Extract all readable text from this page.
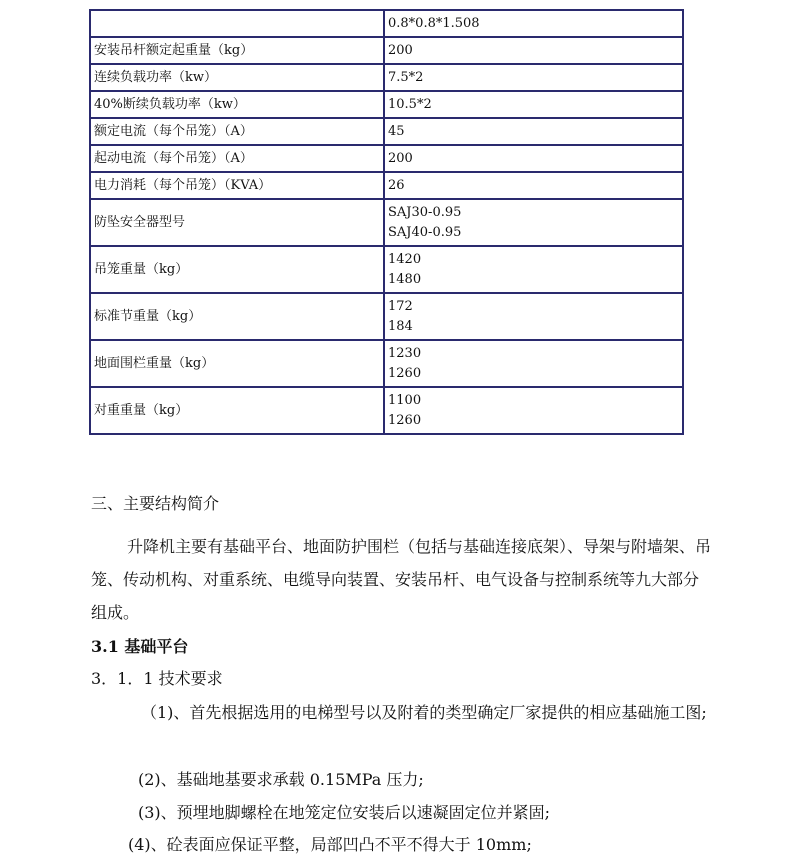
	0.8*0.8*1.508

安装吊杆额定起重量（kg）	200

连续负载功率（kw）	7.5*2

40%断续负载功率（kw）	10.5*2

额定电流（每个吊笼）（A）	45

起动电流（每个吊笼）（A）	200

电力消耗（每个吊笼）（KVA）	26

防坠安全器型号	SAJ30-0.95
SAJ40-0.95

吊笼重量（kg）	1420
1480

标准节重量（kg）	172
184

地面围栏重量（kg）	1230
1260

对重重量（kg）	1100
1260
三、主要结构简介

升降机主要有基础平台、地面防护围栏（包括与基础连接底架）、导架与附墙架、吊笼、传动机构、对重系统、电缆导向装置、安装吊杆、电气设备与控制系统等九大部分组成。

3.1 基础平台
3．1．1 技术要求

（1)、首先根据选用的电梯型号以及附着的类型确定厂家提供的相应基础施工图;

(2)、基础地基要求承载 0.15MPa 压力;
(3)、预埋地脚螺栓在地笼定位安装后以速凝固定位并紧固;
(4)、砼表面应保证平整，局部凹凸不平不得大于 10mm;
